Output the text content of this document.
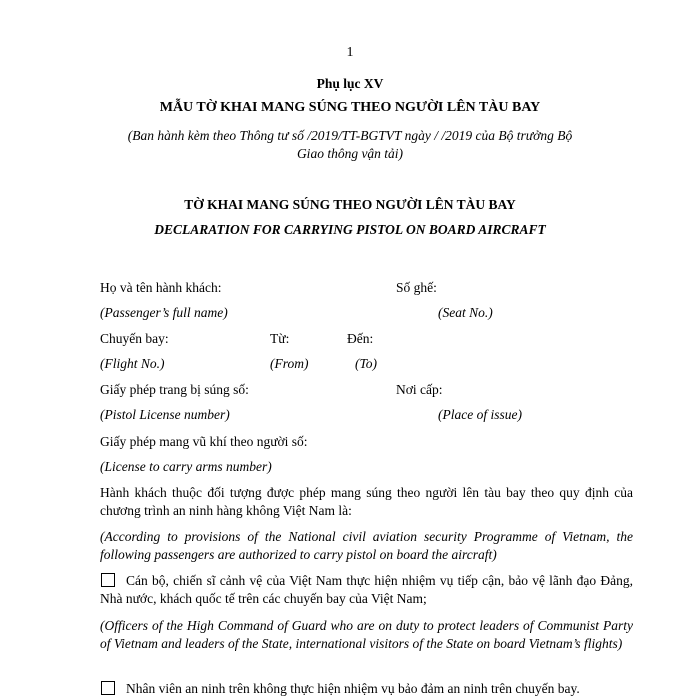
1
Phụ lục XV
MẪU TỜ KHAI MANG SÚNG THEO NGƯỜI LÊN TÀU BAY
(Ban hành kèm theo Thông tư số /2019/TT-BGTVT ngày / /2019 của Bộ trưởng Bộ
Giao thông vận tải)
TỜ KHAI MANG SÚNG THEO NGƯỜI LÊN TÀU BAY
DECLARATION FOR CARRYING PISTOL ON BOARD AIRCRAFT
Họ và tên hành khách:	Số ghế:
(Passenger’s full name)	(Seat No.)
Chuyến bay:	Từ:	Đến:
(Flight No.)	(From)	(To)
Giấy phép trang bị súng số:	Nơi cấp:
(Pistol License number)	(Place of issue)
Giấy phép mang vũ khí theo người số:
(License to carry arms number)
Hành khách thuộc đối tượng được phép mang súng theo người lên tàu bay theo quy định của chương trình an ninh hàng không Việt Nam là:
(According to provisions of the National civil aviation security Programme of Vietnam, the following passengers are authorized to carry pistol on board the aircraft)
Cán bộ, chiến sĩ cảnh vệ của Việt Nam thực hiện nhiệm vụ tiếp cận, bảo vệ lãnh đạo Đảng, Nhà nước, khách quốc tế trên các chuyến bay của Việt Nam;
(Officers of the High Command of Guard who are on duty to protect leaders of Communist Party of Vietnam and leaders of the State, international visitors of the State on board Vietnam’s flights)
Nhân viên an ninh trên không thực hiện nhiệm vụ bảo đảm an ninh trên chuyến bay.
